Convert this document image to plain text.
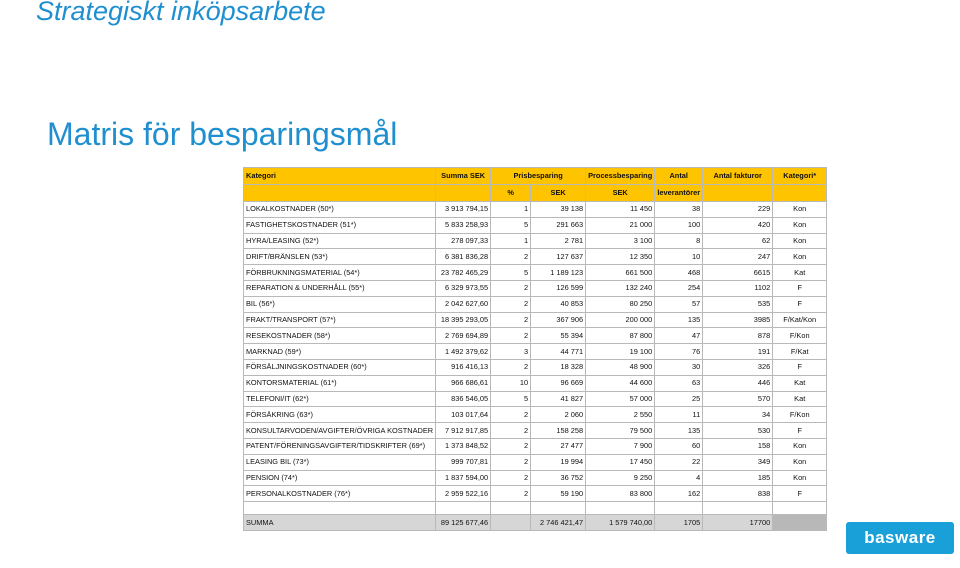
Strategiskt inköpsarbete
Matris för besparingsmål
Kategori	Summa SEK	Prisbesparing		Processbesparing	Antal	Antal fakturor	Kategori*
		%	SEK	SEK	leverantörer		
LOKALKOSTNADER (50*)	3 913 794,15	1	39 138	11 450	38	229	Kon
FASTIGHETSKOSTNADER (51*)	5 833 258,93	5	291 663	21 000	100	420	Kon
HYRA/LEASING (52*)	278 097,33	1	2 781	3 100	8	62	Kon
DRIFT/BRÄNSLEN (53*)	6 381 836,28	2	127 637	12 350	10	247	Kon
FÖRBRUKNINGSMATERIAL (54*)	23 782 465,29	5	1 189 123	661 500	468	6615	Kat
REPARATION & UNDERHÅLL (55*)	6 329 973,55	2	126 599	132 240	254	1102	F
BIL (56*)	2 042 627,60	2	40 853	80 250	57	535	F
FRAKT/TRANSPORT (57*)	18 395 293,05	2	367 906	200 000	135	3985	F/Kat/Kon
RESEKOSTNADER (58*)	2 769 694,89	2	55 394	87 800	47	878	F/Kon
MARKNAD (59*)	1 492 379,62	3	44 771	19 100	76	191	F/Kat
FÖRSÄLJNINGSKOSTNADER (60*)	916 416,13	2	18 328	48 900	30	326	F
KONTORSMATERIAL (61*)	966 686,61	10	96 669	44 600	63	446	Kat
TELEFONI/IT (62*)	836 546,05	5	41 827	57 000	25	570	Kat
FÖRSÄKRING (63*)	103 017,64	2	2 060	2 550	11	34	F/Kon
KONSULTARVODEN/AVGIFTER/ÖVRIGA KOSTNADER	7 912 917,85	2	158 258	79 500	135	530	F
PATENT/FÖRENINGSAVGIFTER/TIDSKRIFTER (69*)	1 373 848,52	2	27 477	7 900	60	158	Kon
LEASING BIL (73*)	999 707,81	2	19 994	17 450	22	349	Kon
PENSION (74*)	1 837 594,00	2	36 752	9 250	4	185	Kon
PERSONALKOSTNADER (76*)	2 959 522,16	2	59 190	83 800	162	838	F

SUMMA	89 125 677,46		2 746 421,47	1 579 740,00	1705	17700	
basware
